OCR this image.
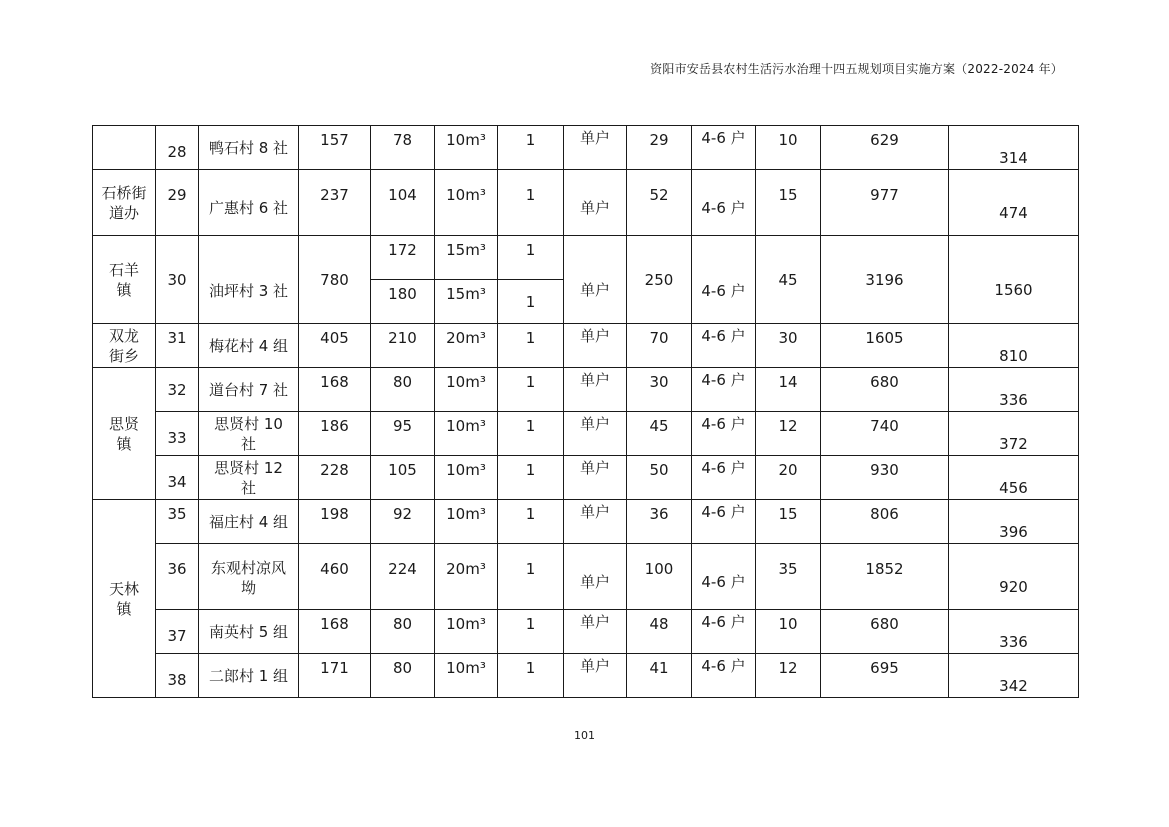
资阳市安岳县农村生活污水治理十四五规划项目实施方案（2022-2024 年）
	28	鸭石村 8 社	157	78	10m³	1	单户	29	4-6 户	10	629	314
石桥街道办	29	广惠村 6 社	237	104	10m³	1	单户	52	4-6 户	15	977	474
石羊镇	30	油坪村 3 社	780	172	15m³	1	单户	250	4-6 户	45	3196	1560
				180	15m³	1						
双龙街乡	31	梅花村 4 组	405	210	20m³	1	单户	70	4-6 户	30	1605	810
思贤镇	32	道台村 7 社	168	80	10m³	1	单户	30	4-6 户	14	680	336
	33	思贤村 10 社	186	95	10m³	1	单户	45	4-6 户	12	740	372
	34	思贤村 12 社	228	105	10m³	1	单户	50	4-6 户	20	930	456
天林镇	35	福庄村 4 组	198	92	10m³	1	单户	36	4-6 户	15	806	396
	36	东观村凉风坳	460	224	20m³	1	单户	100	4-6 户	35	1852	920
	37	南英村 5 组	168	80	10m³	1	单户	48	4-6 户	10	680	336
	38	二郎村 1 组	171	80	10m³	1	单户	41	4-6 户	12	695	342
101
